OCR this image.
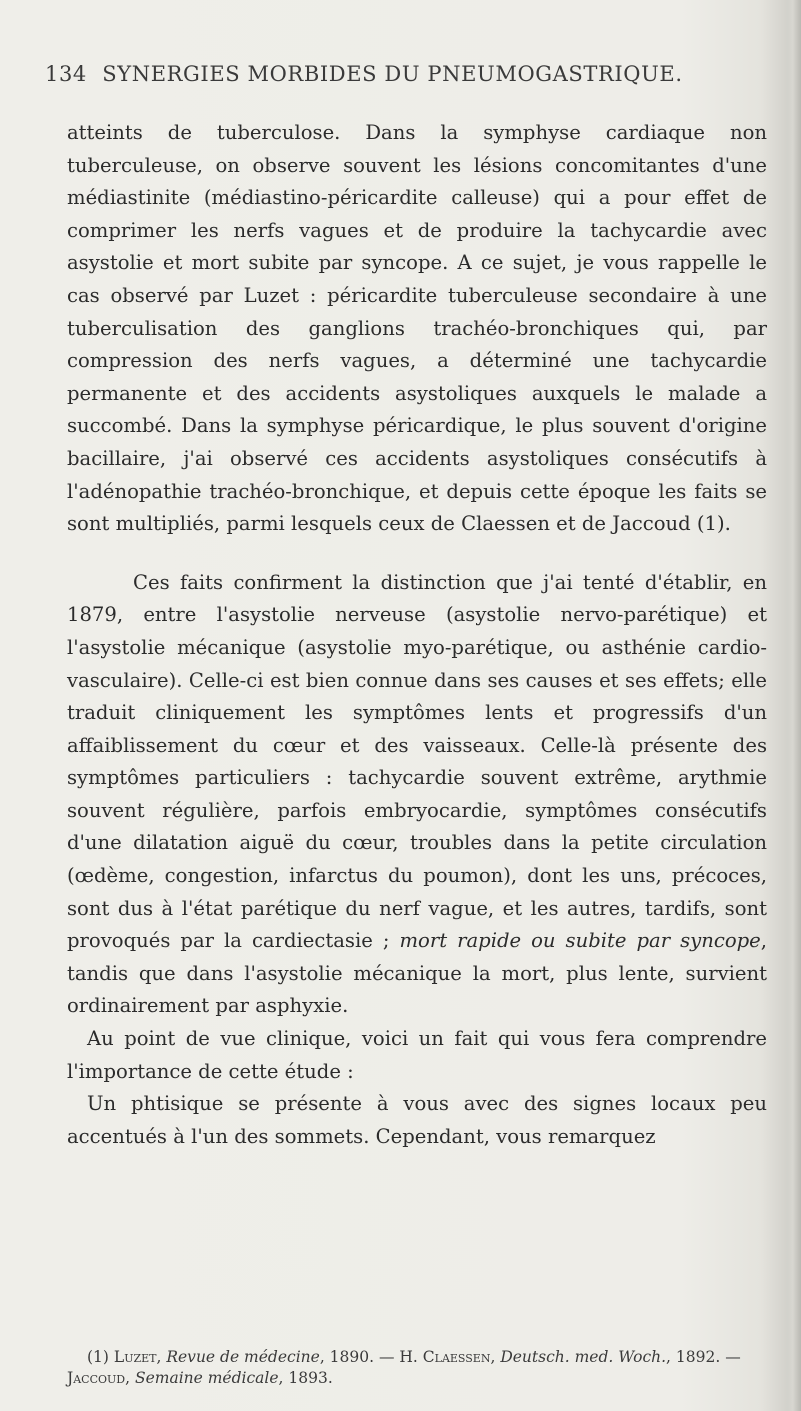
134 SYNERGIES MORBIDES DU PNEUMOGASTRIQUE.

atteints de tuberculose. Dans la symphyse cardiaque non tuberculeuse, on observe souvent les lésions concomitantes d'une médiastinite (médiastino-péricardite calleuse) qui a pour effet de comprimer les nerfs vagues et de produire la tachycardie avec asystolie et mort subite par syncope. A ce sujet, je vous rappelle le cas observé par Luzet : péricardite tuberculeuse secondaire à une tuberculisation des ganglions trachéo-bronchiques qui, par compression des nerfs vagues, a déterminé une tachycardie permanente et des accidents asystoliques auxquels le malade a succombé. Dans la symphyse péricardique, le plus souvent d'origine bacillaire, j'ai observé ces accidents asystoliques consécutifs à l'adénopathie trachéo-bronchique, et depuis cette époque les faits se sont multipliés, parmi lesquels ceux de Claessen et de Jaccoud (1).

Ces faits confirment la distinction que j'ai tenté d'établir, en 1879, entre l'asystolie nerveuse (asystolie nervo-parétique) et l'asystolie mécanique (asystolie myo-parétique, ou asthénie cardio-vasculaire). Celle-ci est bien connue dans ses causes et ses effets; elle traduit cliniquement les symptômes lents et progressifs d'un affaiblissement du cœur et des vaisseaux. Celle-là présente des symptômes particuliers : tachycardie souvent extrême, arythmie souvent régulière, parfois embryocardie, symptômes consécutifs d'une dilatation aiguë du cœur, troubles dans la petite circulation (œdème, congestion, infarctus du poumon), dont les uns, précoces, sont dus à l'état parétique du nerf vague, et les autres, tardifs, sont provoqués par la cardiectasie ; mort rapide ou subite par syncope, tandis que dans l'asystolie mécanique la mort, plus lente, survient ordinairement par asphyxie.

Au point de vue clinique, voici un fait qui vous fera comprendre l'importance de cette étude :

Un phtisique se présente à vous avec des signes locaux peu accentués à l'un des sommets. Cependant, vous remarquez

(1) Luzet, Revue de médecine, 1890. — H. Claessen, Deutsch. med. Woch., 1892. — Jaccoud, Semaine médicale, 1893.
